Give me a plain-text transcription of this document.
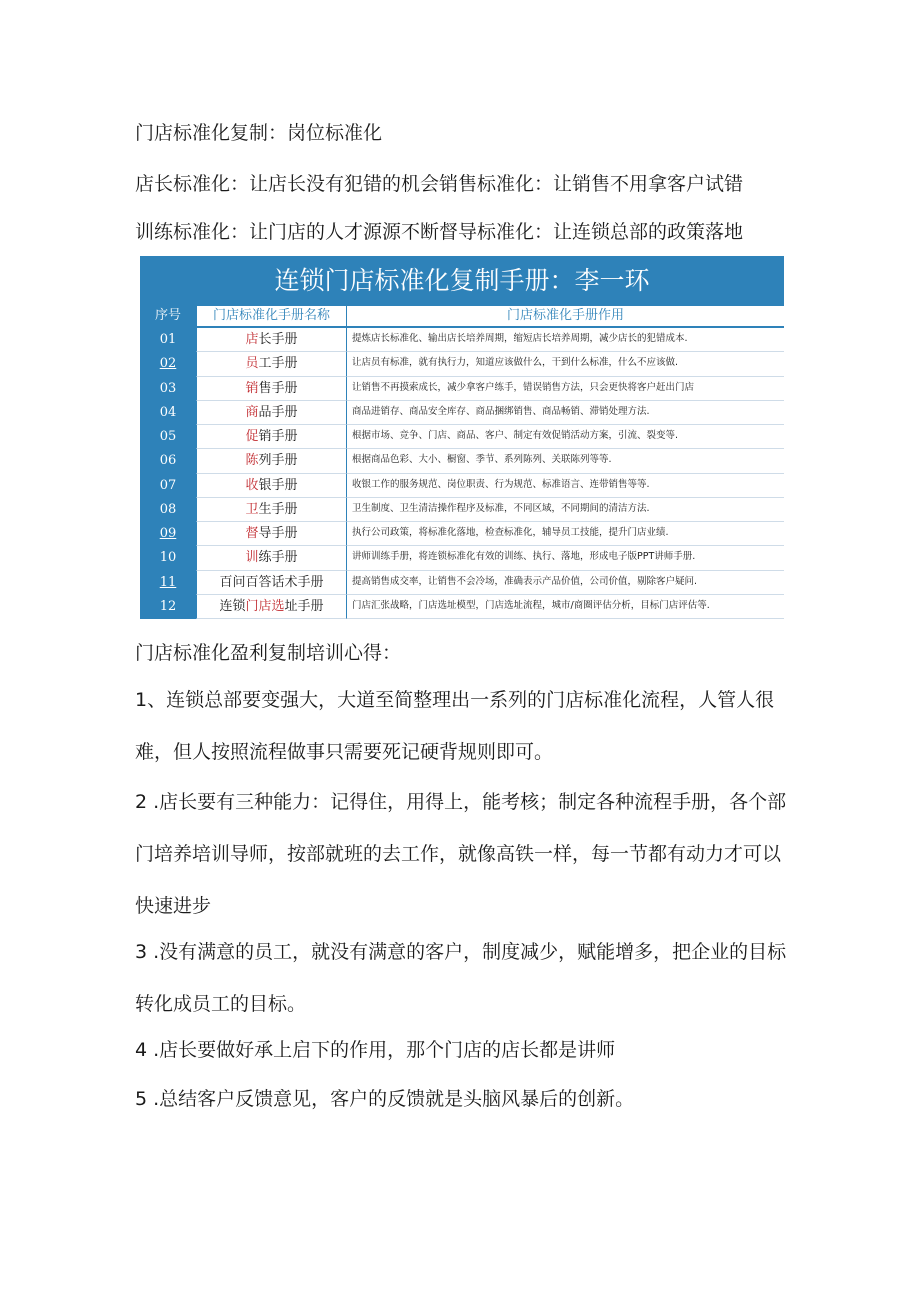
门店标准化复制：岗位标准化

店长标准化：让店长没有犯错的机会销售标准化：让销售不用拿客户试错

训练标准化：让门店的人才源源不断督导标准化：让连锁总部的政策落地

连锁门店标准化复制手册：李一环
序号	门店标准化手册名称	门店标准化手册作用
01	店长手册	提炼店长标准化、输出店长培养周期，缩短店长培养周期，减少店长的犯错成本.
02	员工手册	让店员有标准，就有执行力，知道应该做什么，干到什么标准，什么不应该做.
03	销售手册	让销售不再摸索成长，减少拿客户练手，错误销售方法，只会更快将客户赶出门店
04	商品手册	商品进销存、商品安全库存、商品捆绑销售、商品畅销、滞销处理方法.
05	促销手册	根据市场、竞争、门店、商品、客户、制定有效促销活动方案，引流、裂变等.
06	陈列手册	根据商品色彩、大小、橱窗、季节、系列陈列、关联陈列等等.
07	收银手册	收银工作的服务规范、岗位职责、行为规范、标准语言、连带销售等等.
08	卫生手册	卫生制度、卫生清洁操作程序及标准，不同区域，不同期间的清洁方法.
09	督导手册	执行公司政策，将标准化落地，检查标准化，辅导员工技能，提升门店业绩.
10	训练手册	讲师训练手册，将连锁标准化有效的训练、执行、落地，形成电子版PPT讲师手册.
11	百问百答话术手册	提高销售成交率，让销售不会冷场，准确表示产品价值，公司价值，剔除客户疑问.
12	连锁门店选址手册	门店汇张战略，门店选址模型，门店选址流程，城市/商圈评估分析，目标门店评估等.

门店标准化盈利复制培训心得：

1、连锁总部要变强大，大道至简整理出一系列的门店标准化流程，人管人很难，但人按照流程做事只需要死记硬背规则即可。

2 .店长要有三种能力：记得住，用得上，能考核；制定各种流程手册，各个部门培养培训导师，按部就班的去工作，就像高铁一样，每一节都有动力才可以快速进步

3 .没有满意的员工，就没有满意的客户，制度减少，赋能增多，把企业的目标转化成员工的目标。

4 .店长要做好承上启下的作用，那个门店的店长都是讲师

5 .总结客户反馈意见，客户的反馈就是头脑风暴后的创新。
